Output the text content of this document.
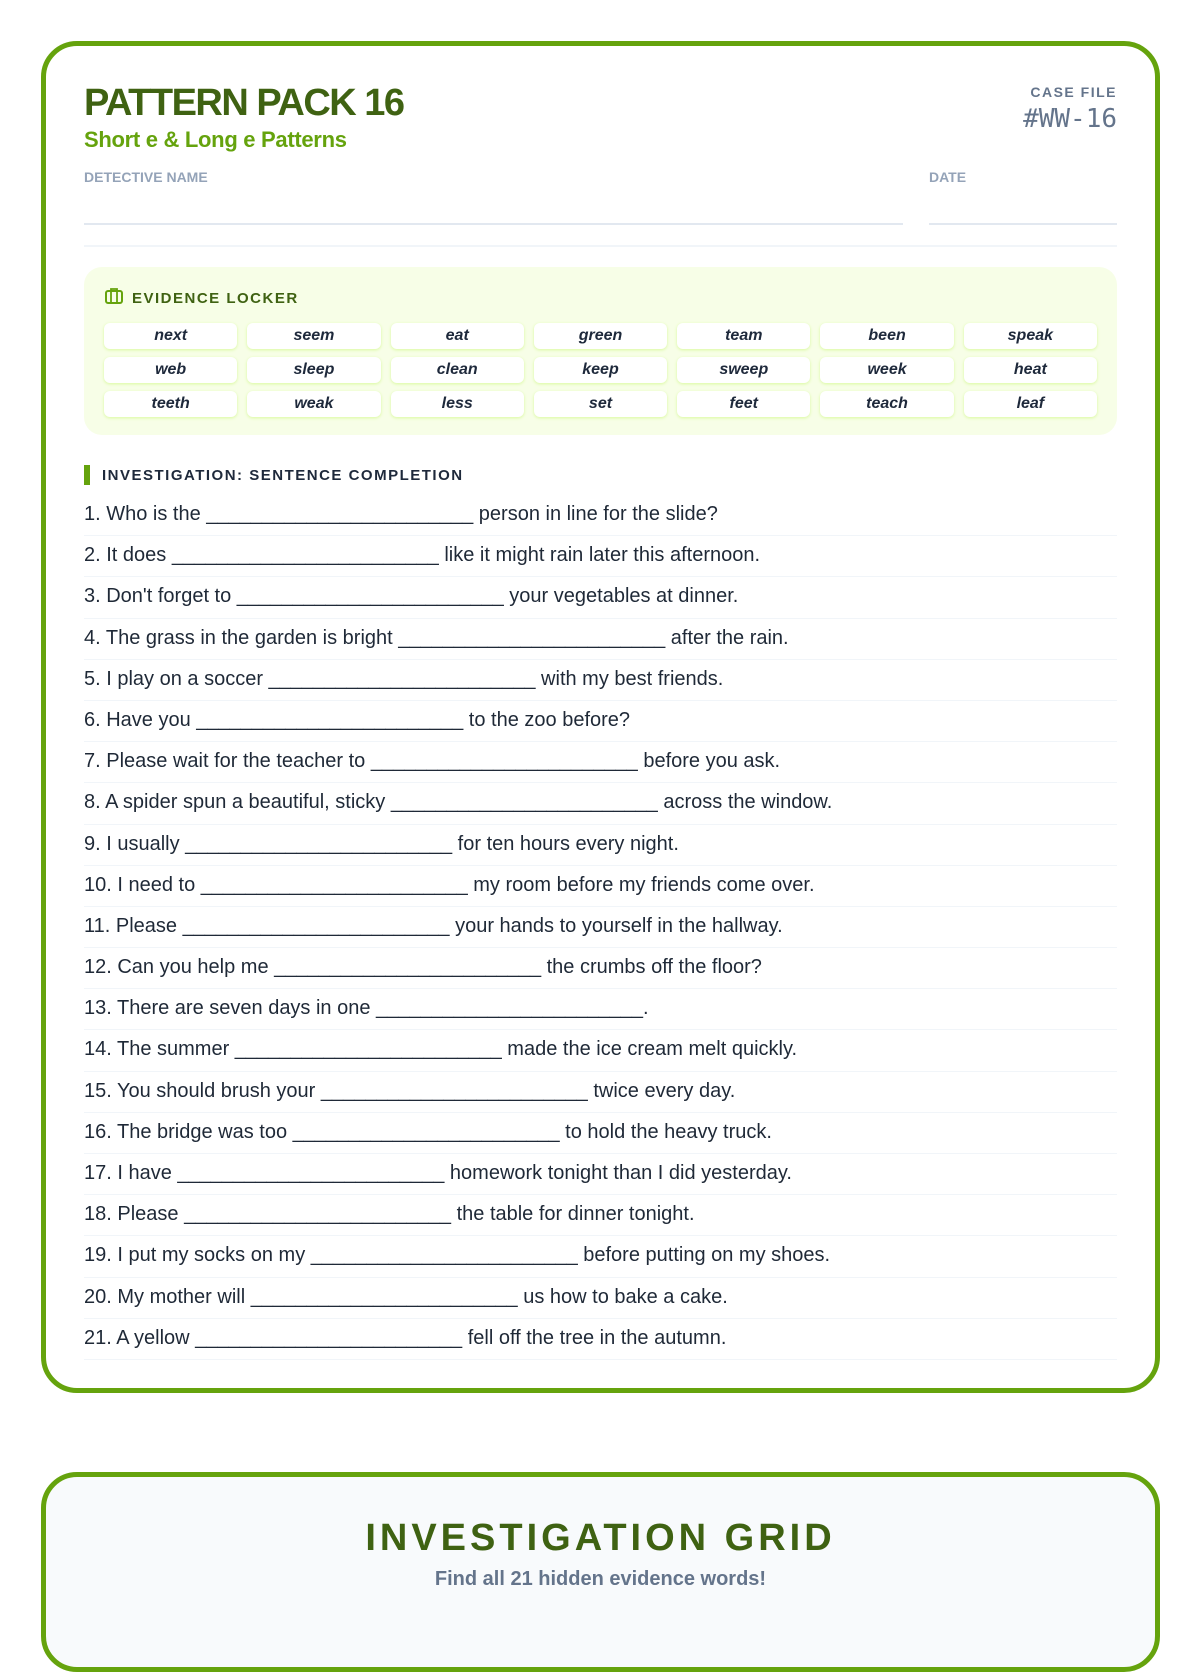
PATTERN PACK 16
Short e & Long e Patterns
CASE FILE
#WW-16
DETECTIVE NAME	DATE
EVIDENCE LOCKER
next	seem	eat	green	team	been	speak
web	sleep	clean	keep	sweep	week	heat
teeth	weak	less	set	feet	teach	leaf
INVESTIGATION: SENTENCE COMPLETION
1. Who is the ________________________ person in line for the slide?
2. It does ________________________ like it might rain later this afternoon.
3. Don't forget to ________________________ your vegetables at dinner.
4. The grass in the garden is bright ________________________ after the rain.
5. I play on a soccer ________________________ with my best friends.
6. Have you ________________________ to the zoo before?
7. Please wait for the teacher to ________________________ before you ask.
8. A spider spun a beautiful, sticky ________________________ across the window.
9. I usually ________________________ for ten hours every night.
10. I need to ________________________ my room before my friends come over.
11. Please ________________________ your hands to yourself in the hallway.
12. Can you help me ________________________ the crumbs off the floor?
13. There are seven days in one ________________________.
14. The summer ________________________ made the ice cream melt quickly.
15. You should brush your ________________________ twice every day.
16. The bridge was too ________________________ to hold the heavy truck.
17. I have ________________________ homework tonight than I did yesterday.
18. Please ________________________ the table for dinner tonight.
19. I put my socks on my ________________________ before putting on my shoes.
20. My mother will ________________________ us how to bake a cake.
21. A yellow ________________________ fell off the tree in the autumn.
INVESTIGATION GRID
Find all 21 hidden evidence words!
